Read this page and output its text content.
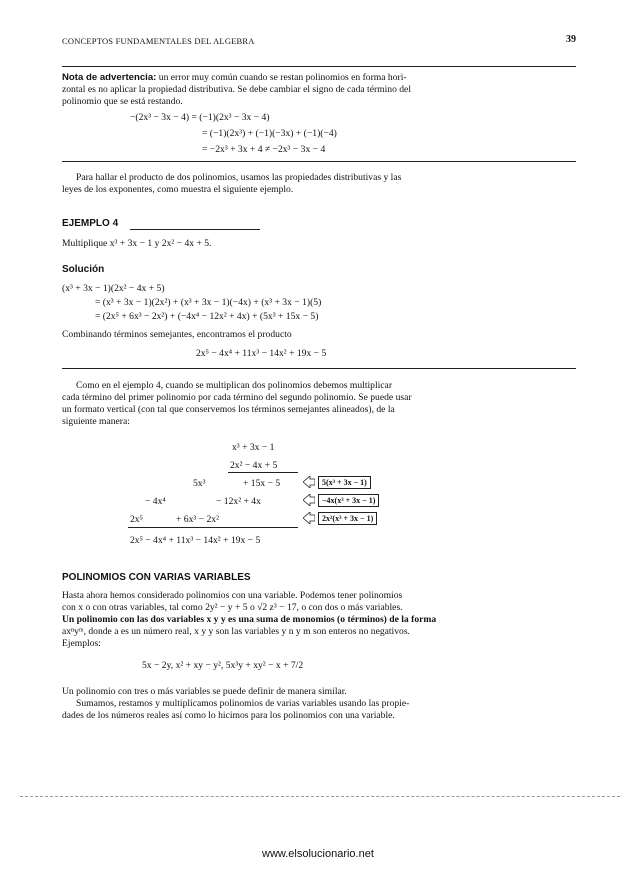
CONCEPTOS FUNDAMENTALES DEL ALGEBRA	39
Nota de advertencia: un error muy común cuando se restan polinomios en forma hori-
zontal es no aplicar la propiedad distributiva. Se debe cambiar el signo de cada término del
polinomio que se está restando.
−(2x³ − 3x − 4) = (−1)(2x³ − 3x − 4)
= (−1)(2x³) + (−1)(−3x) + (−1)(−4)
= −2x³ + 3x + 4 ≠ −2x³ − 3x − 4
Para hallar el producto de dos polinomios, usamos las propiedades distributivas y las
leyes de los exponentes, como muestra el siguiente ejemplo.
EJEMPLO 4
Multiplique x³ + 3x − 1 y 2x² − 4x + 5.
Solución
(x³ + 3x − 1)(2x² − 4x + 5)
= (x³ + 3x − 1)(2x²) + (x³ + 3x − 1)(−4x) + (x³ + 3x − 1)(5)
= (2x⁵ + 6x³ − 2x²) + (−4x⁴ − 12x² + 4x) + (5x³ + 15x − 5)
Combinando términos semejantes, encontramos el producto
2x⁵ − 4x⁴ + 11x³ − 14x² + 19x − 5
Como en el ejemplo 4, cuando se multiplican dos polinomios debemos multiplicar
cada término del primer polinomio por cada término del segundo polinomio. Se puede usar
un formato vertical (con tal que conservemos los términos semejantes alineados), de la
siguiente manera:
x³ + 3x − 1
2x² − 4x + 5
5x³	+ 15x − 5
− 4x⁴	− 12x² + 4x
2x⁵	+ 6x³ − 2x²
2x⁵ − 4x⁴ + 11x³ − 14x² + 19x − 5
5(x³ + 3x − 1)
−4x(x³ + 3x − 1)
2x²(x³ + 3x − 1)
POLINOMIOS CON VARIAS VARIABLES
Hasta ahora hemos considerado polinomios con una variable. Podemos tener polinomios
con x o con otras variables, tal como 2y² − y + 5 o √2 z³ − 17, o con dos o más variables.
Un polinomio con las dos variables x y y es una suma de monomios (o términos) de la forma
axⁿyᵐ, donde a es un número real, x y y son las variables y n y m son enteros no negativos.
Ejemplos:
5x − 2y, x² + xy − y², 5x³y + xy² − x + 7/2
Un polinomio con tres o más variables se puede definir de manera similar.
Sumamos, restamos y multiplicamos polinomios de varias variables usando las propie-
dades de los números reales así como lo hicimos para los polinomios con una variable.
www.elsolucionario.net
